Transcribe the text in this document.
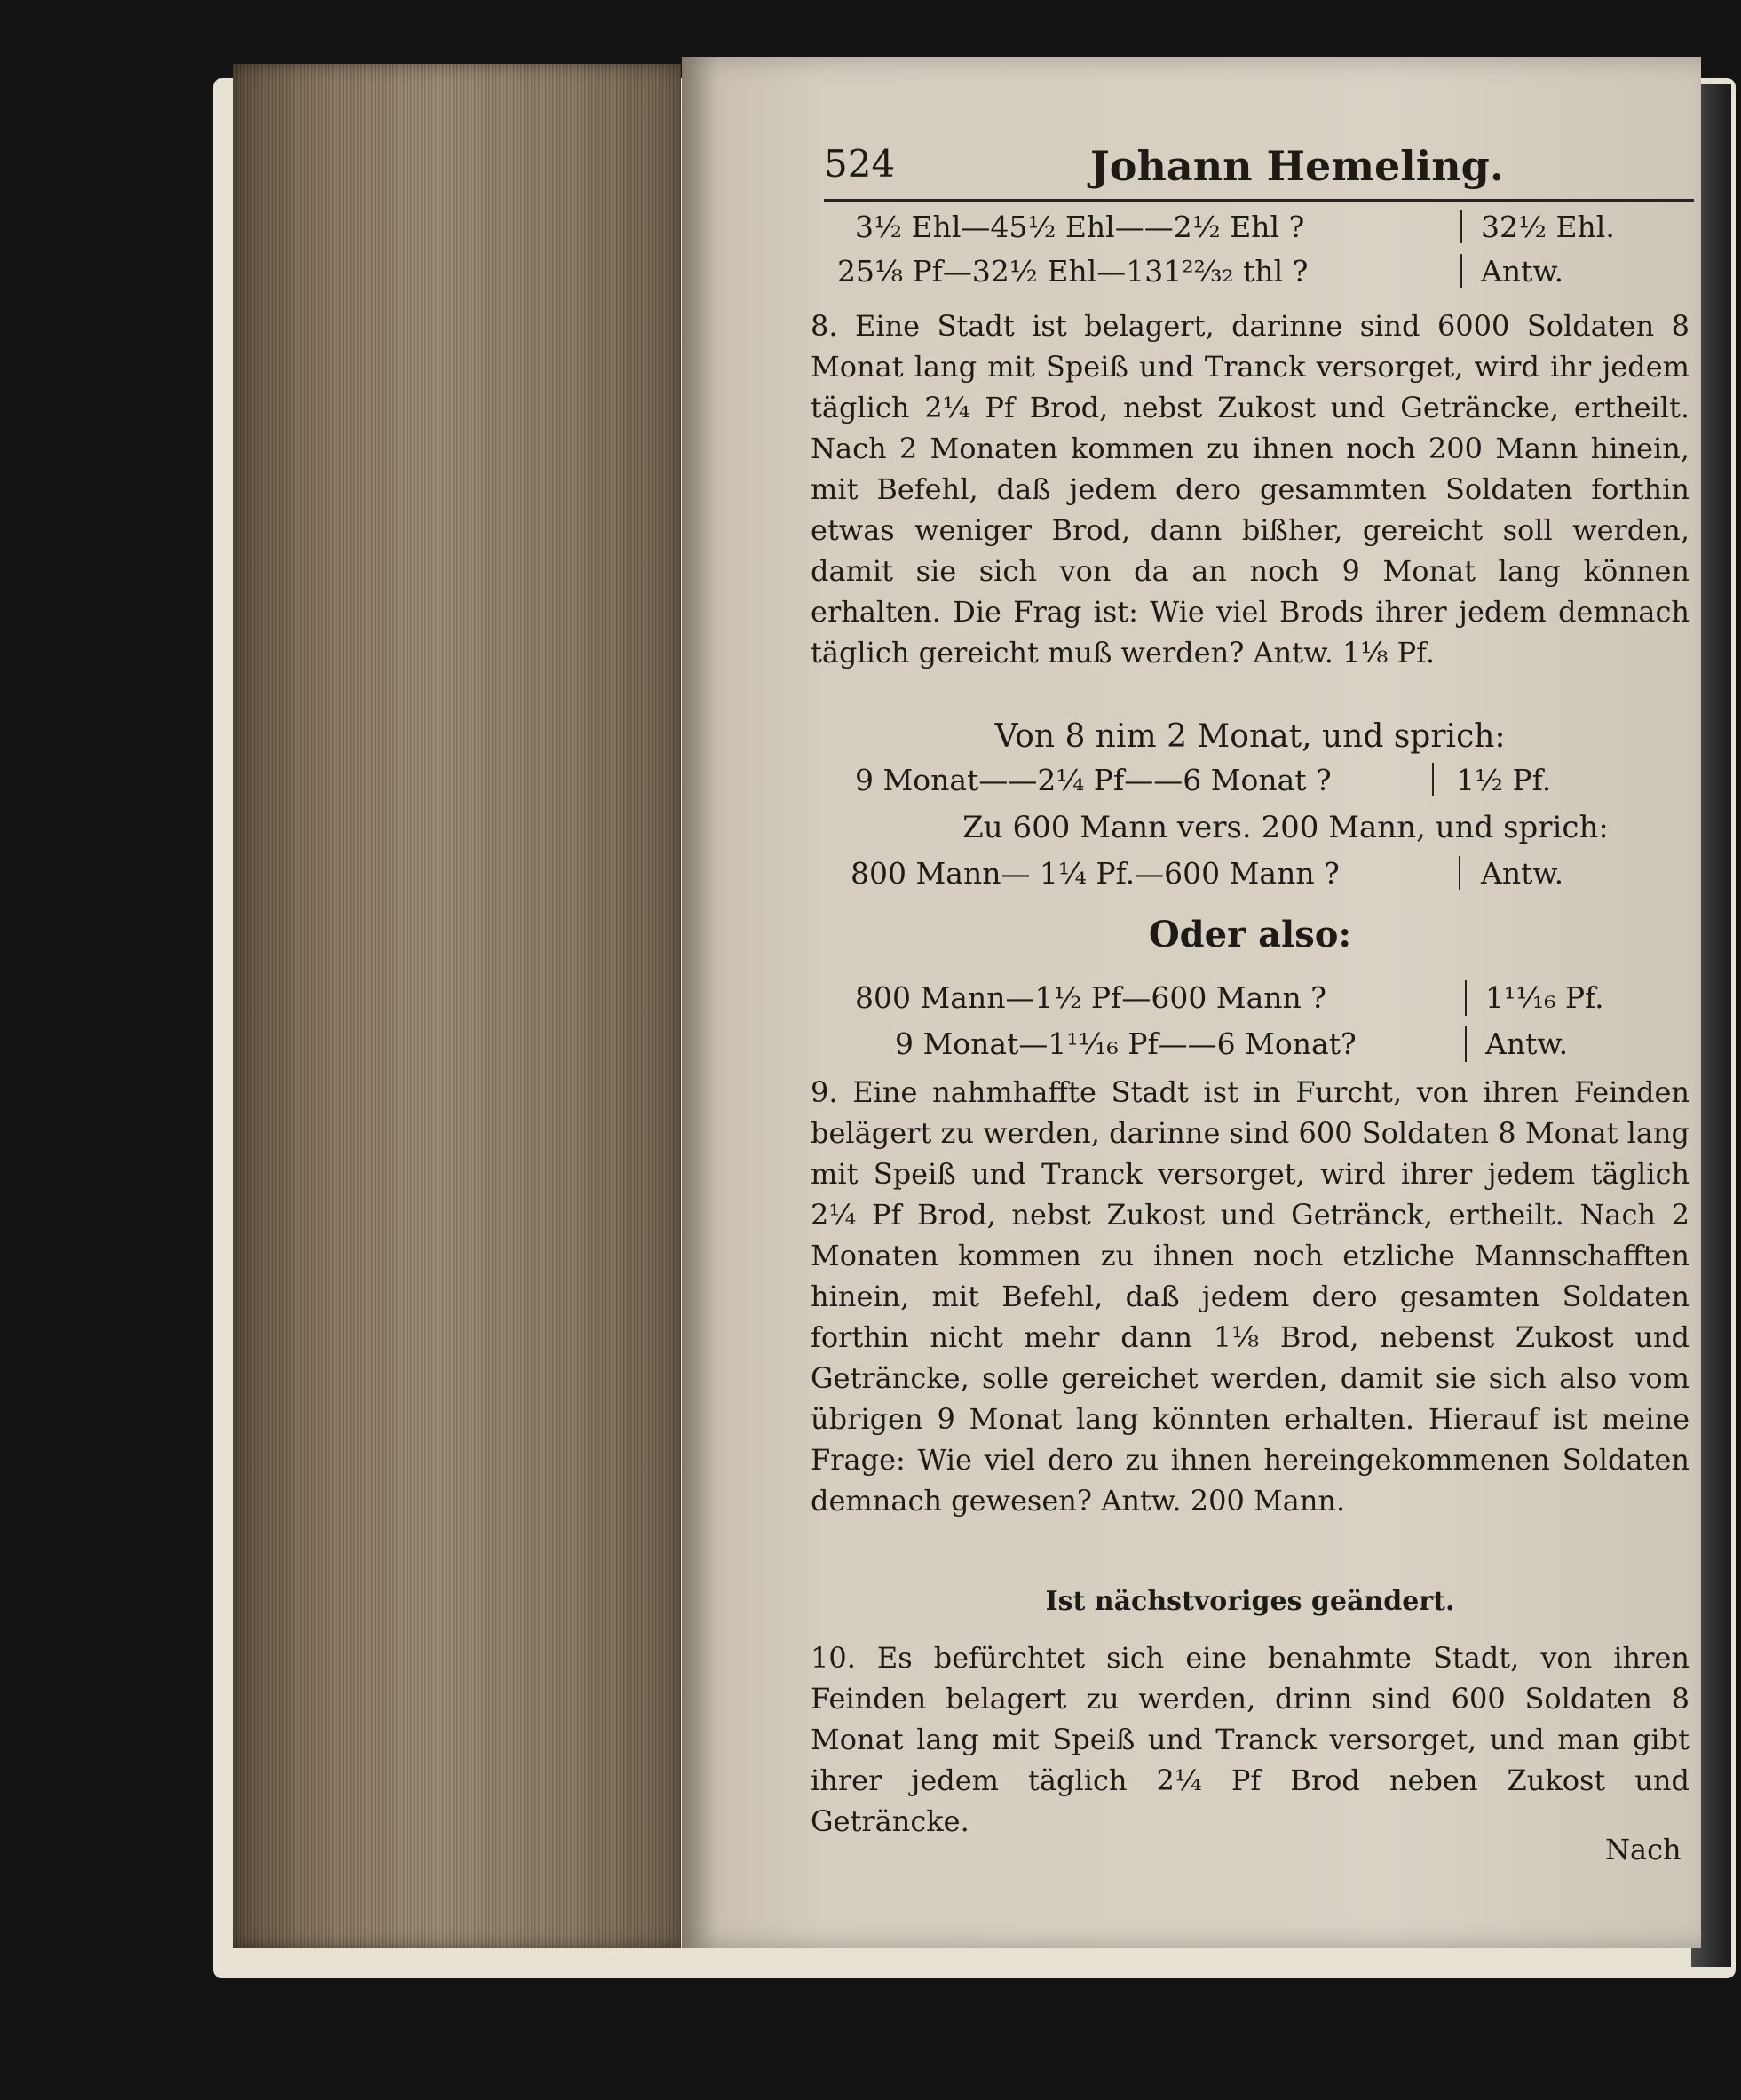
524	Johann Hemeling.
3½ Ehl—45½ Ehl——2½ Ehl ?	32½ Ehl.
25⅛ Pf—32½ Ehl—131²²⁄₃₂ thl ?	Antw.
8. Eine Stadt ist belagert, darinne sind 6000 Soldaten 8 Monat lang mit Speiß und Tranck versorget, wird ihr jedem täglich 2¼ Pf Brod, nebst Zukost und Geträncke, ertheilt. Nach 2 Monaten kommen zu ihnen noch 200 Mann hinein, mit Befehl, daß jedem dero gesammten Soldaten forthin etwas weniger Brod, dann bißher, gereicht soll werden, damit sie sich von da an noch 9 Monat lang können erhalten. Die Frag ist: Wie viel Brods ihrer jedem demnach täglich gereicht muß werden? Antw. 1⅛ Pf.
Von 8 nim 2 Monat, und sprich:
9 Monat——2¼ Pf——6 Monat ?	1½ Pf.
Zu 600 Mann vers. 200 Mann, und sprich:
800 Mann— 1¼ Pf.—600 Mann ?	Antw.
Oder also:
800 Mann—1½ Pf—600 Mann ?	1¹¹⁄₁₆ Pf.
9 Monat—1¹¹⁄₁₆ Pf——6 Monat?	Antw.
9. Eine nahmhaffte Stadt ist in Furcht, von ihren Feinden belägert zu werden, darinne sind 600 Soldaten 8 Monat lang mit Speiß und Tranck versorget, wird ihrer jedem täglich 2¼ Pf Brod, nebst Zukost und Getränck, ertheilt. Nach 2 Monaten kommen zu ihnen noch etzliche Mannschafften hinein, mit Befehl, daß jedem dero gesamten Soldaten forthin nicht mehr dann 1⅛ Brod, nebenst Zukost und Geträncke, solle gereichet werden, damit sie sich also vom übrigen 9 Monat lang könnten erhalten. Hierauf ist meine Frage: Wie viel dero zu ihnen hereingekommenen Soldaten demnach gewesen? Antw. 200 Mann.
Ist nächstvoriges geändert.
10. Es befürchtet sich eine benahmte Stadt, von ihren Feinden belagert zu werden, drinn sind 600 Soldaten 8 Monat lang mit Speiß und Tranck versorget, und man gibt ihrer jedem täglich 2¼ Pf Brod neben Zukost und Geträncke.
Nach
